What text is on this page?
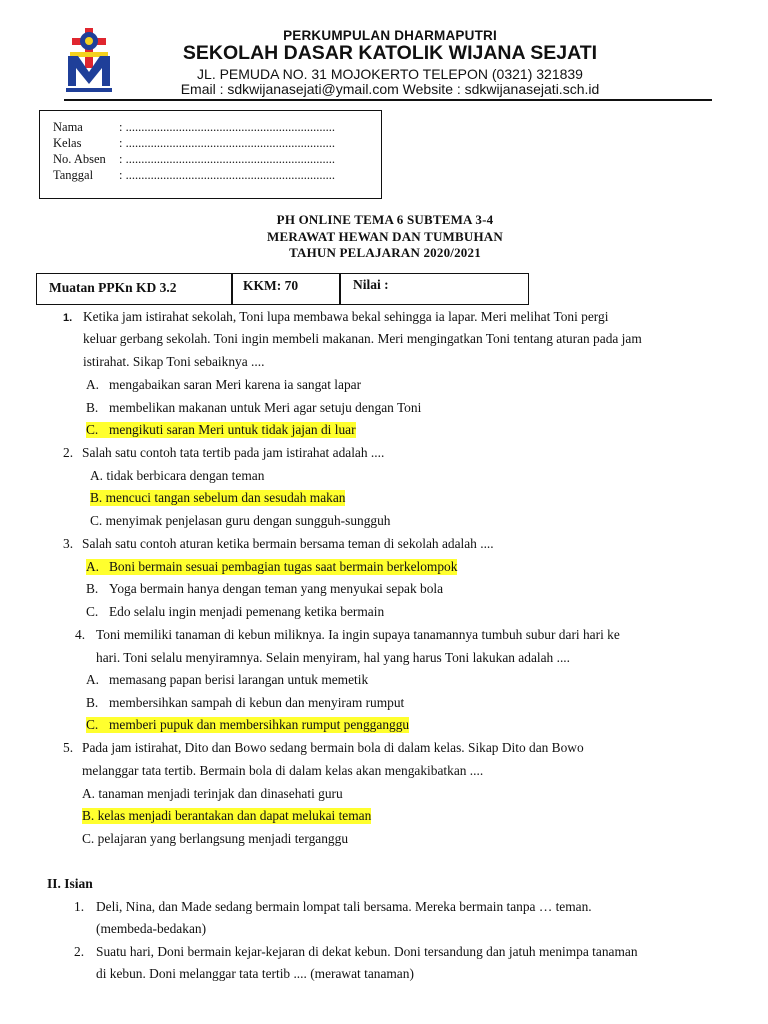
PERKUMPULAN DHARMAPUTRI
SEKOLAH DASAR KATOLIK WIJANA SEJATI
JL. PEMUDA NO. 31 MOJOKERTO TELEPON (0321) 321839
Email : sdkwijanasejati@ymail.com Website : sdkwijanasejati.sch.id
Nama	: ...................................................................
Kelas	: ...................................................................
No. Absen : ...................................................................
Tanggal : ...................................................................
PH ONLINE TEMA 6 SUBTEMA 3-4
MERAWAT HEWAN DAN TUMBUHAN
TAHUN PELAJARAN 2020/2021
Muatan PPKn KD 3.2	KKM: 70	Nilai :
1. Ketika jam istirahat sekolah, Toni lupa membawa bekal sehingga ia lapar. Meri melihat Toni pergi
keluar gerbang sekolah. Toni ingin membeli makanan. Meri mengingatkan Toni tentang aturan pada jam
istirahat. Sikap Toni sebaiknya ....
A. mengabaikan saran Meri karena ia sangat lapar
B. membelikan makanan untuk Meri agar setuju dengan Toni
C. mengikuti saran Meri untuk tidak jajan di luar
2. Salah satu contoh tata tertib pada jam istirahat adalah ....
A. tidak berbicara dengan teman
B. mencuci tangan sebelum dan sesudah makan
C. menyimak penjelasan guru dengan sungguh-sungguh
3. Salah satu contoh aturan ketika bermain bersama teman di sekolah adalah ....
A. Boni bermain sesuai pembagian tugas saat bermain berkelompok
B. Yoga bermain hanya dengan teman yang menyukai sepak bola
C. Edo selalu ingin menjadi pemenang ketika bermain
4. Toni memiliki tanaman di kebun miliknya. Ia ingin supaya tanamannya tumbuh subur dari hari ke
hari. Toni selalu menyiramnya. Selain menyiram, hal yang harus Toni lakukan adalah ....
A. memasang papan berisi larangan untuk memetik
B. membersihkan sampah di kebun dan menyiram rumput
C. memberi pupuk dan membersihkan rumput pengganggu
5. Pada jam istirahat, Dito dan Bowo sedang bermain bola di dalam kelas. Sikap Dito dan Bowo
melanggar tata tertib. Bermain bola di dalam kelas akan mengakibatkan ....
A. tanaman menjadi terinjak dan dinasehati guru
B. kelas menjadi berantakan dan dapat melukai teman
C. pelajaran yang berlangsung menjadi terganggu
II. Isian
1. Deli, Nina, dan Made sedang bermain lompat tali bersama. Mereka bermain tanpa … teman.
(membeda-bedakan)
2. Suatu hari, Doni bermain kejar-kejaran di dekat kebun. Doni tersandung dan jatuh menimpa tanaman
di kebun. Doni melanggar tata tertib .... (merawat tanaman)
